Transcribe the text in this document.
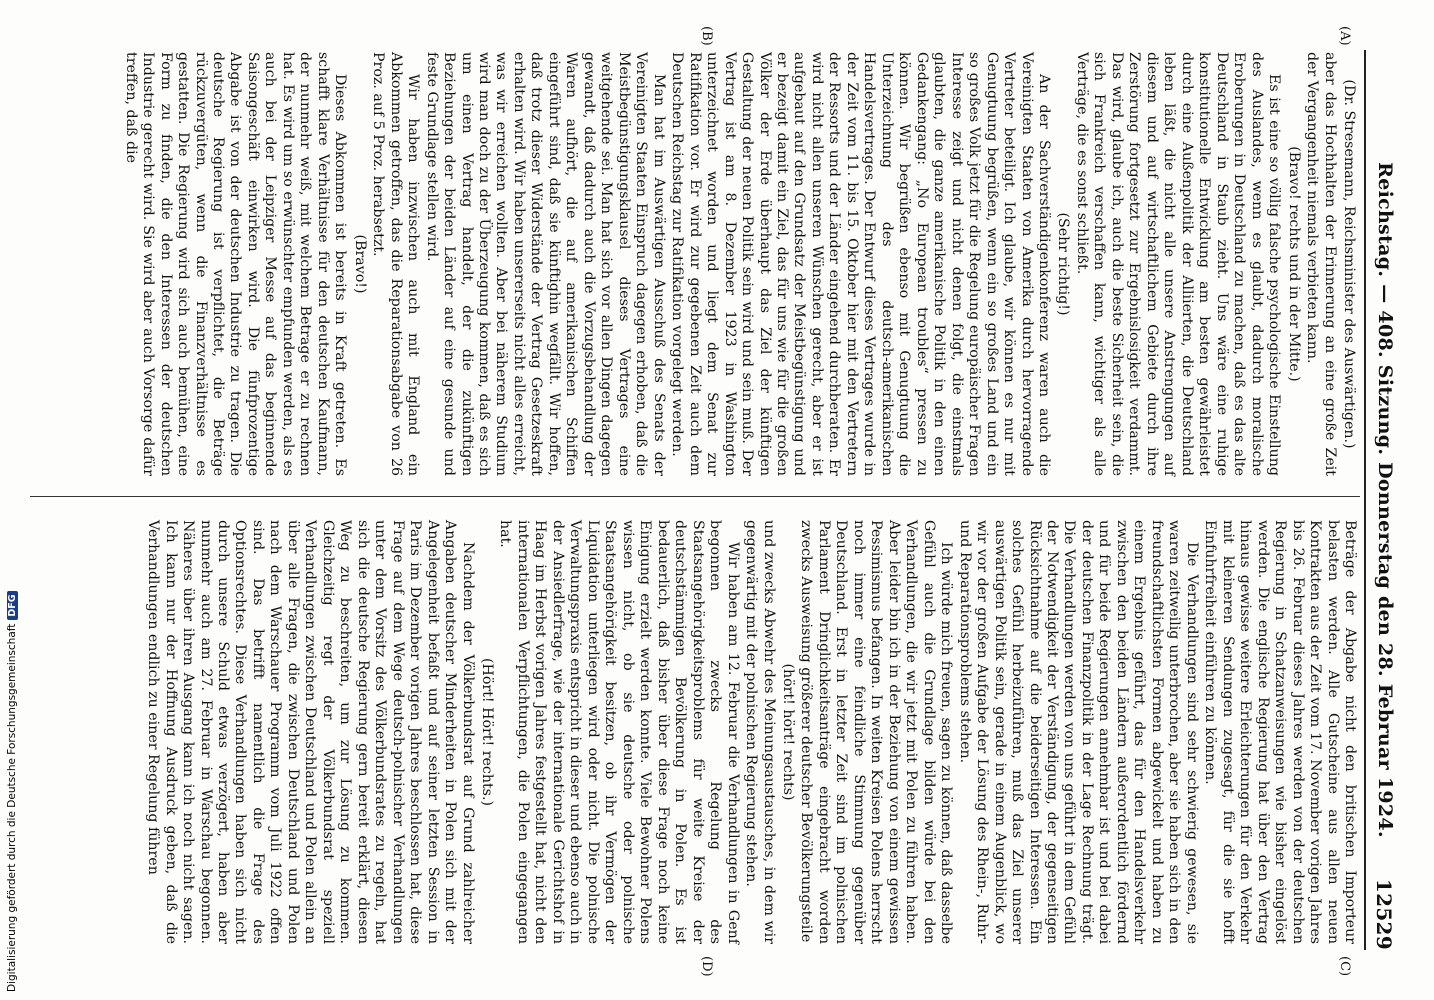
Digitalisierung gefördert durch die Deutsche ForschungsgemeinschaftDFG	Reichstag. — 408. Sitzung. Donnerstag den 28. Februar 1924.
12529
(A)
(B)
(C)
(D)

(Dr. Stresemann, Reichsminister des Auswärtigen.)

aber das Hochhalten der Erinnerung an eine große Zeit der Vergangenheit niemals verbieten kann.

(Bravo! rechts und in der Mitte.)

Es ist eine so völlig falsche psychologische Einstellung des Auslandes, wenn es glaubt, dadurch moralische Eroberungen in Deutschland zu machen, daß es das alte Deutschland in Staub zieht. Uns wäre eine ruhige konstitutionelle Entwicklung am besten gewährleistet durch eine Außenpolitik der Alliierten, die Deutschland leben läßt, die nicht alle unsere Anstrengungen auf diesem und auf wirtschaftlichem Gebiete durch ihre Zerstörung fortgesetzt zur Ergebnislosigkeit verdammt. Das wird, glaube ich, auch die beste Sicherheit sein, die sich Frankreich verschaffen kann, wichtiger als alle Verträge, die es sonst schließt.

(Sehr richtig!)

An der Sachverständigenkonferenz waren auch die Vereinigten Staaten von Amerika durch hervorragende Vertreter beteiligt. Ich glaube, wir können es nur mit Genugtuung begrüßen, wenn ein so großes Land und ein so großes Volk jetzt für die Regelung europäischer Fragen Interesse zeigt und nicht denen folgt, die einstmals glaubten, die ganze amerikanische Politik in den einen Gedankengang: „No European troubles“ pressen zu können. Wir begrüßen ebenso mit Genugtuung die Unterzeichnung des deutsch-amerikanischen Handelsvertrages. Der Entwurf dieses Vertrages wurde in der Zeit vom 11. bis 15. Oktober hier mit den Vertretern der Ressorts und der Länder eingehend durchberaten. Er wird nicht allen unseren Wünschen gerecht, aber er ist aufgebaut auf den Grundsatz der Meistbegünstigung und er bezeigt damit ein Ziel, das für uns wie für die großen Völker der Erde überhaupt das Ziel der künftigen Gestaltung der neuen Politik sein wird und sein muß. Der Vertrag ist am 8. Dezember 1923 in Washington unterzeichnet worden und liegt dem Senat zur Ratifikation vor. Er wird zur gegebenen Zeit auch dem Deutschen Reichstag zur Ratifikation vorgelegt werden.

Man hat im Auswärtigen Ausschuß des Senats der Vereinigten Staaten Einspruch dagegen erhoben, daß die Meistbegünstigungsklausel dieses Vertrages eine weitgehende sei. Man hat sich vor allen Dingen dagegen gewandt, daß dadurch auch die Vorzugsbehandlung der Waren aufhört, die auf amerikanischen Schiffen eingeführt sind, daß sie künftighin wegfällt. Wir hoffen, daß trotz dieser Widerstände der Vertrag Gesetzeskraft erhalten wird. Wir haben unsererseits nicht alles erreicht, was wir erreichen wollten. Aber bei näherem Studium wird man doch zu der Überzeugung kommen, daß es sich um einen Vertrag handelt, der die zukünftigen Beziehungen der beiden Länder auf eine gesunde und feste Grundlage stellen wird.

Wir haben inzwischen auch mit England ein Abkommen getroffen, das die Reparationsabgabe von 26 Proz. auf 5 Proz. herabsetzt.

(Bravo!)

Dieses Abkommen ist bereits in Kraft getreten. Es schafft klare Verhältnisse für den deutschen Kaufmann, der nunmehr weiß, mit welchem Betrage er zu rechnen hat. Es wird um so erwünschter empfunden werden, als es auch bei der Leipziger Messe auf das beginnende Saisongeschäft einwirken wird. Die fünfprozentige Abgabe ist von der deutschen Industrie zu tragen. Die deutsche Regierung ist verpflichtet, die Beträge rückzuvergüten, wenn die Finanzverhältnisse es gestatten. Die Regierung wird sich auch bemühen, eine Form zu finden, die den Interessen der deutschen Industrie gerecht wird. Sie wird aber auch Vorsorge dafür treffen, daß die

Beträge der Abgabe nicht den britischen Importeur belasten werden. Alle Gutscheine aus allen neuen Kontrakten aus der Zeit vom 17. November vorigen Jahres bis 26. Februar dieses Jahres werden von der deutschen Regierung in Schatzanweisungen wie bisher eingelöst werden. Die englische Regierung hat über den Vertrag hinaus gewisse weitere Erleichterungen für den Verkehr mit kleineren Sendungen zugesagt, für die sie hofft Einfuhrfreiheit einführen zu können.

Die Verhandlungen sind sehr schwierig gewesen, sie waren zeitweilig unterbrochen, aber sie haben sich in den freundschaftlichsten Formen abgewickelt und haben zu einem Ergebnis geführt, das für den Handelsverkehr zwischen den beiden Ländern außerordentlich fördernd und für beide Regierungen annehmbar ist und bei dabei der deutschen Finanzpolitik in der Lage Rechnung trägt. Die Verhandlungen werden von uns geführt in dem Gefühl der Notwendigkeit der Verständigung, der gegenseitigen Rücksichtnahme auf die beiderseitigen Interessen. Ein solches Gefühl herbeizuführen, muß das Ziel unserer auswärtigen Politik sein, gerade in einem Augenblick, wo wir vor der großen Aufgabe der Lösung des Rhein-, Ruhr- und Reparationsproblems stehen.

Ich würde mich freuen, sagen zu können, daß dasselbe Gefühl auch die Grundlage bilden würde bei den Verhandlungen, die wir jetzt mit Polen zu führen haben. Aber leider bin ich in der Beziehung von einem gewissen Pessimismus befangen. In weiten Kreisen Polens herrscht noch immer eine feindliche Stimmung gegenüber Deutschland. Erst in letzter Zeit sind im polnischen Parlament Dringlichkeitsanträge eingebracht worden zwecks Ausweisung größerer deutscher Bevölkerungsteile

(hört! hört! rechts)

und zwecks Abwehr des Meinungsaustausches, in dem wir gegenwärtig mit der polnischen Regierung stehen.

Wir haben am 12. Februar die Verhandlungen in Genf begonnen zwecks Regelung des Staatsangehörigkeitsproblems für weite Kreise der deutschstämmigen Bevölkerung in Polen. Es ist bedauerlich, daß bisher über diese Frage noch keine Einigung erzielt werden konnte. Viele Bewohner Polens wissen nicht, ob sie deutsche oder polnische Staatsangehörigkeit besitzen, ob ihr Vermögen der Liquidation unterliegen wird oder nicht. Die polnische Verwaltungspraxis entspricht in dieser und ebenso auch in der Ansiedlerfrage, wie der internationale Gerichtshof in Haag im Herbst vorigen Jahres festgestellt hat, nicht den internationalen Verpflichtungen, die Polen eingegangen hat.

(Hört! Hört! rechts.)

Nachdem der Völkerbundsrat auf Grund zahlreicher Angaben deutscher Minderheiten in Polen sich mit der Angelegenheit befaßt und auf seiner letzten Session in Paris im Dezember vorigen Jahres beschlossen hat, diese Frage auf dem Wege deutsch-polnischer Verhandlungen unter dem Vorsitz des Völkerbundsrates zu regeln, hat sich die deutsche Regierung gern bereit erklärt, diesen Weg zu beschreiten, um zur Lösung zu kommen. Gleichzeitig regt der Völkerbundsrat speziell Verhandlungen zwischen Deutschland und Polen allein an über alle Fragen, die zwischen Deutschland und Polen nach dem Warschauer Programm vom Juli 1922 offen sind. Das betrifft namentlich die Frage des Optionsrechtes. Diese Verhandlungen haben sich nicht durch unsere Schuld etwas verzögert, haben aber nunmehr auch am 27. Februar in Warschau begonnen. Näheres über ihren Ausgang kann ich noch nicht sagen. Ich kann nur der Hoffnung Ausdruck geben, daß die Verhandlungen endlich zu einer Regelung führen
